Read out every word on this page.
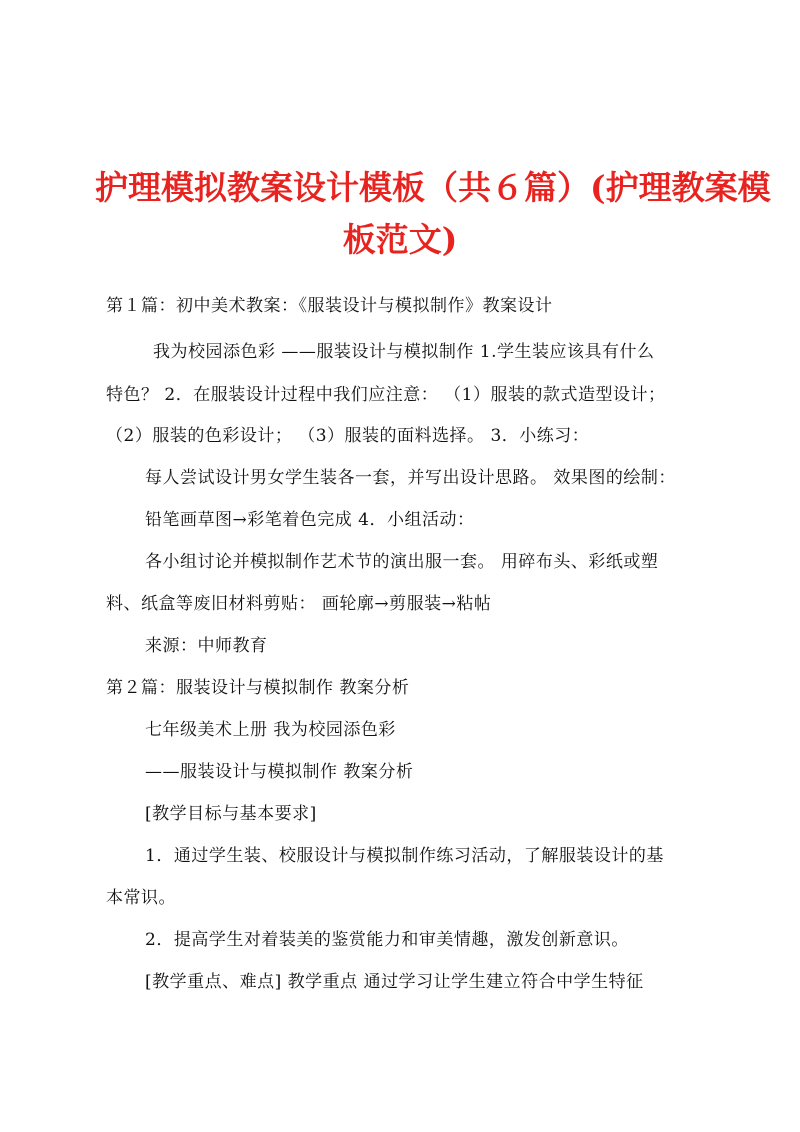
护理模拟教案设计模板（共６篇）(护理教案模
板范文)
第１篇：初中美术教案：《服装设计与模拟制作》教案设计
我为校园添色彩 ——服装设计与模拟制作 1.学生装应该具有什么
特色？ 2．在服装设计过程中我们应注意： （1）服装的款式造型设计；
（2）服装的色彩设计； （3）服装的面料选择。 3．小练习：
每人尝试设计男女学生装各一套，并写出设计思路。 效果图的绘制：
铅笔画草图→彩笔着色完成 4．小组活动：
各小组讨论并模拟制作艺术节的演出服一套。 用碎布头、彩纸或塑
料、纸盒等废旧材料剪贴： 画轮廓→剪服装→粘帖
来源：中师教育
第２篇：服装设计与模拟制作 教案分析
七年级美术上册 我为校园添色彩
——服装设计与模拟制作 教案分析
[教学目标与基本要求]
1．通过学生装、校服设计与模拟制作练习活动，了解服装设计的基
本常识。
2．提高学生对着装美的鉴赏能力和审美情趣，激发创新意识。
[教学重点、难点] 教学重点 通过学习让学生建立符合中学生特征
